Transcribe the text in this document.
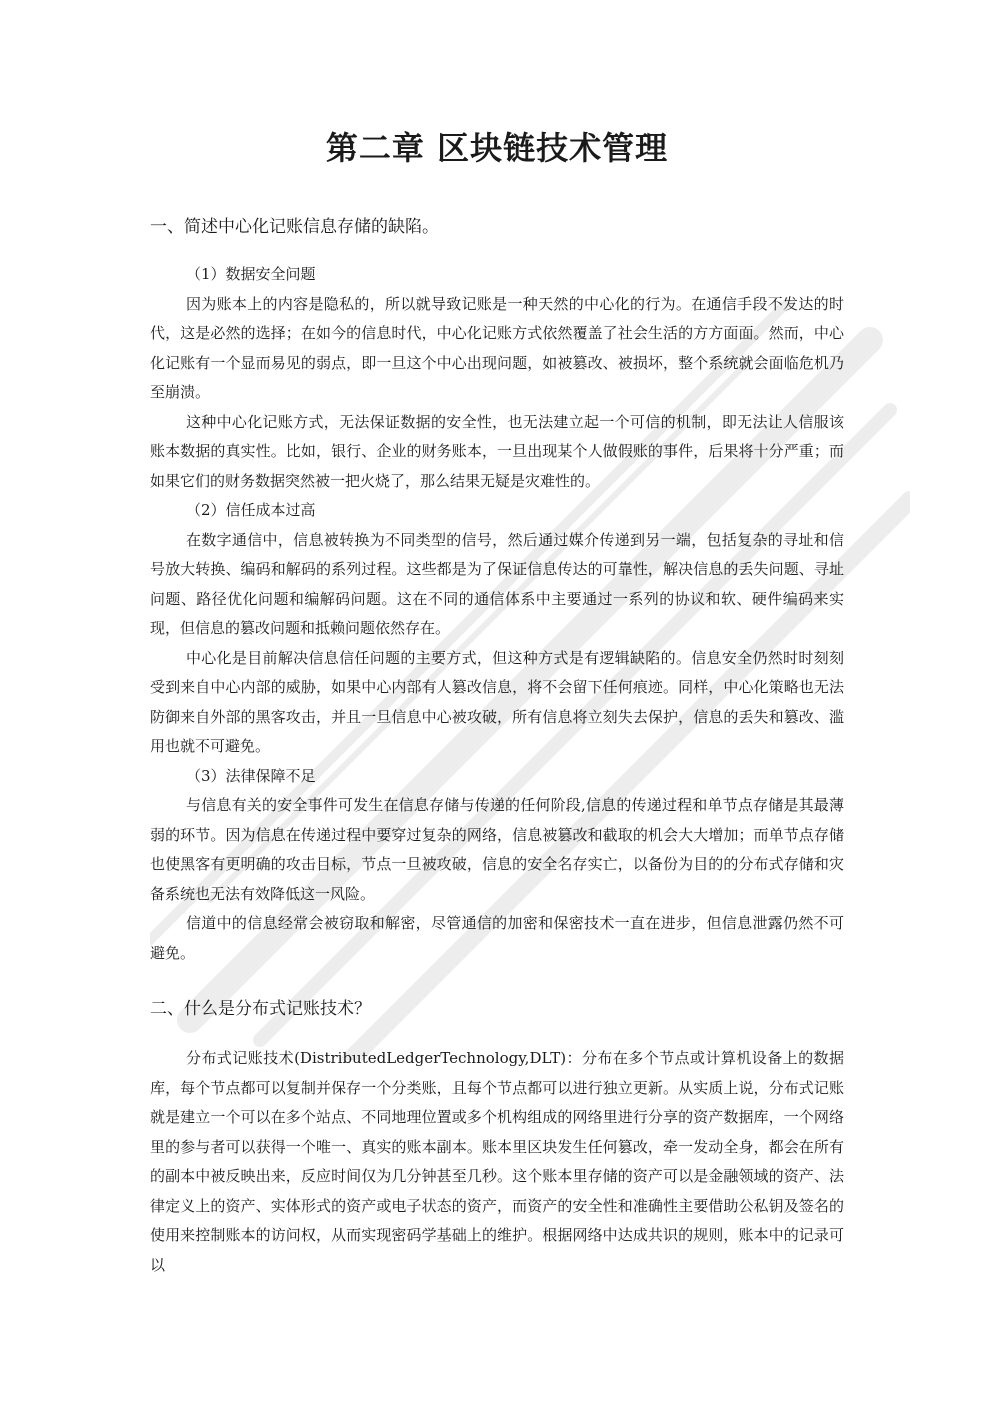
第二章 区块链技术管理
一、简述中心化记账信息存储的缺陷。

（1）数据安全问题

因为账本上的内容是隐私的，所以就导致记账是一种天然的中心化的行为。在通信手段不发达的时代，这是必然的选择；在如今的信息时代，中心化记账方式依然覆盖了社会生活的方方面面。然而，中心化记账有一个显而易见的弱点，即一旦这个中心出现问题，如被篡改、被损坏，整个系统就会面临危机乃至崩溃。

这种中心化记账方式，无法保证数据的安全性，也无法建立起一个可信的机制，即无法让人信服该账本数据的真实性。比如，银行、企业的财务账本，一旦出现某个人做假账的事件，后果将十分严重；而如果它们的财务数据突然被一把火烧了，那么结果无疑是灾难性的。

（2）信任成本过高

在数字通信中，信息被转换为不同类型的信号，然后通过媒介传递到另一端，包括复杂的寻址和信号放大转换、编码和解码的系列过程。这些都是为了保证信息传达的可靠性，解决信息的丢失问题、寻址问题、路径优化问题和编解码问题。这在不同的通信体系中主要通过一系列的协议和软、硬件编码来实现，但信息的篡改问题和抵赖问题依然存在。

中心化是目前解决信息信任问题的主要方式，但这种方式是有逻辑缺陷的。信息安全仍然时时刻刻受到来自中心内部的威胁，如果中心内部有人篡改信息，将不会留下任何痕迹。同样，中心化策略也无法防御来自外部的黑客攻击，并且一旦信息中心被攻破，所有信息将立刻失去保护，信息的丢失和篡改、滥用也就不可避免。

（3）法律保障不足

与信息有关的安全事件可发生在信息存储与传递的任何阶段,信息的传递过程和单节点存储是其最薄弱的环节。因为信息在传递过程中要穿过复杂的网络，信息被篡改和截取的机会大大增加；而单节点存储也使黑客有更明确的攻击目标，节点一旦被攻破，信息的安全名存实亡，以备份为目的的分布式存储和灾备系统也无法有效降低这一风险。

信道中的信息经常会被窃取和解密，尽管通信的加密和保密技术一直在进步，但信息泄露仍然不可避免。

二、什么是分布式记账技术？

分布式记账技术(DistributedLedgerTechnology,DLT)：分布在多个节点或计算机设备上的数据库，每个节点都可以复制并保存一个分类账，且每个节点都可以进行独立更新。从实质上说，分布式记账就是建立一个可以在多个站点、不同地理位置或多个机构组成的网络里进行分享的资产数据库，一个网络里的参与者可以获得一个唯一、真实的账本副本。账本里区块发生任何篡改，牵一发动全身，都会在所有的副本中被反映出来，反应时间仅为几分钟甚至几秒。这个账本里存储的资产可以是金融领域的资产、法律定义上的资产、实体形式的资产或电子状态的资产，而资产的安全性和准确性主要借助公私钥及签名的使用来控制账本的访问权，从而实现密码学基础上的维护。根据网络中达成共识的规则，账本中的记录可以
